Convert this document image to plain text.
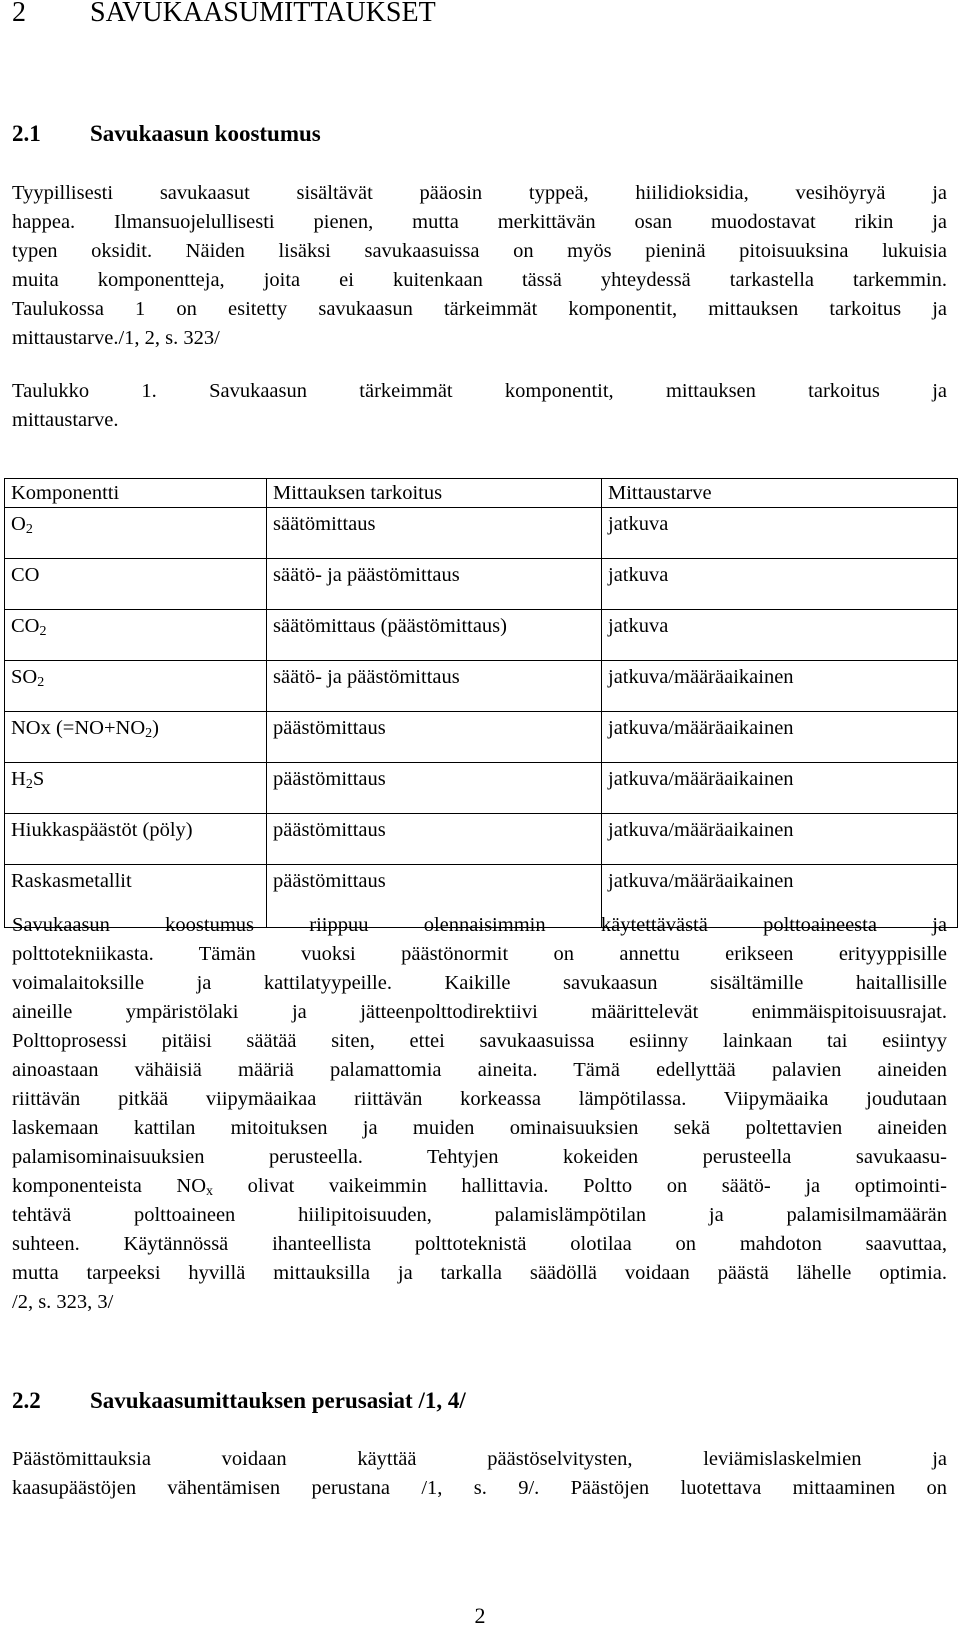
2 SAVUKAASUMITTAUKSET
2.1 Savukaasun koostumus
Tyypillisesti savukaasut sisältävät pääosin typpeä, hiilidioksidia, vesihöyryä ja
happea. Ilmansuojelullisesti pienen, mutta merkittävän osan muodostavat rikin ja
typen oksidit. Näiden lisäksi savukaasuissa on myös pieninä pitoisuuksina lukuisia
muita komponentteja, joita ei kuitenkaan tässä yhteydessä tarkastella tarkemmin.
Taulukossa 1 on esitetty savukaasun tärkeimmät komponentit, mittauksen tarkoitus ja
mittaustarve./1, 2, s. 323/
Taulukko 1. Savukaasun tärkeimmät komponentit, mittauksen tarkoitus ja
mittaustarve.
Komponentti	Mittauksen tarkoitus	Mittaustarve
$O_2$	säätömittaus	jatkuva
CO	säätö- ja päästömittaus	jatkuva
$CO_2$	säätömittaus (päästömittaus)	jatkuva
$SO_2$	säätö- ja päästömittaus	jatkuva/määräaikainen
NOx $(=NO+NO_2)$	päästömittaus	jatkuva/määräaikainen
$H_2S$	päästömittaus	jatkuva/määräaikainen
Hiukkaspäästöt (pöly)	päästömittaus	jatkuva/määräaikainen
Raskasmetallit	päästömittaus	jatkuva/määräaikainen
Savukaasun koostumus riippuu olennaisimmin käytettävästä polttoaineesta ja
polttotekniikasta. Tämän vuoksi päästönormit on annettu erikseen erityyppisille
voimalaitoksille ja kattilatyypeille. Kaikille savukaasun sisältämille haitallisille
aineille ympäristölaki ja jätteenpolttodirektiivi määrittelevät enimmäispitoisuusrajat.
Polttoprosessi pitäisi säätää siten, ettei savukaasuissa esiinny lainkaan tai esiintyy
ainoastaan vähäisiä määriä palamattomia aineita. Tämä edellyttää palavien aineiden
riittävän pitkää viipymäaikaa riittävän korkeassa lämpötilassa. Viipymäaika joudutaan
laskemaan kattilan mitoituksen ja muiden ominaisuuksien sekä poltettavien aineiden
palamisominaisuuksien perusteella. Tehtyjen kokeiden perusteella savukaasu-
komponenteista $NO_x$ olivat vaikeimmin hallittavia. Poltto on säätö- ja optimointi-
tehtävä polttoaineen hiilipitoisuuden, palamislämpötilan ja palamisilmamäärän
suhteen. Käytännössä ihanteellista polttoteknistä olotilaa on mahdoton saavuttaa,
mutta tarpeeksi hyvillä mittauksilla ja tarkalla säädöllä voidaan päästä lähelle optimia.
/2, s. 323, 3/
2.2 Savukaasumittauksen perusasiat /1, 4/
Päästömittauksia voidaan käyttää päästöselvitysten, leviämislaskelmien ja
kaasupäästöjen vähentämisen perustana /1, s. 9/. Päästöjen luotettava mittaaminen on
2
